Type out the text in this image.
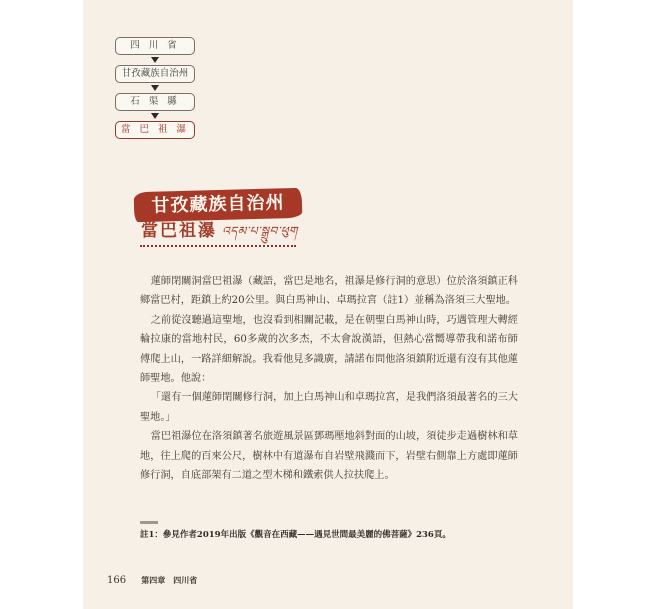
四 川 省
甘孜藏族自治州
石 渠 縣
當 巴 祖 瀑
甘孜藏族自治州
當巴祖瀑 འདམ་པ་སྒྲུབ་ཕུག

蓮師閉關洞當巴祖瀑（藏語，當巴是地名，祖瀑是修行洞的意思）位於洛須鎮正科鄉當巴村，距鎮上約20公里。與白馬神山、卓瑪拉宮（註1）並稱為洛須三大聖地。

之前從沒聽過這聖地，也沒看到相關記載，是在朝聖白馬神山時，巧遇管理大轉經輪拉康的當地村民，60多歲的次多杰，不太會說漢語，但熱心當嚮導帶我和諾布師傅爬上山，一路詳細解說。我看他見多識廣，請諾布問他洛須鎮附近還有沒有其他蓮師聖地。他說：

「還有一個蓮師閉關修行洞，加上白馬神山和卓瑪拉宮，是我們洛須最著名的三大聖地。」

當巴祖瀑位在洛須鎮著名旅遊風景區鄧瑪壓地斜對面的山坡，須徒步走過樹林和草地，往上爬的百來公尺，樹林中有道瀑布自岩壁飛濺而下，岩壁右側靠上方處即蓮師修行洞，自底部架有二道之型木梯和鐵索供人拉扶爬上。

註1：參見作者2019年出版《觀音在西藏——遇見世間最美麗的佛菩薩》236頁。
166 第四章　四川省
